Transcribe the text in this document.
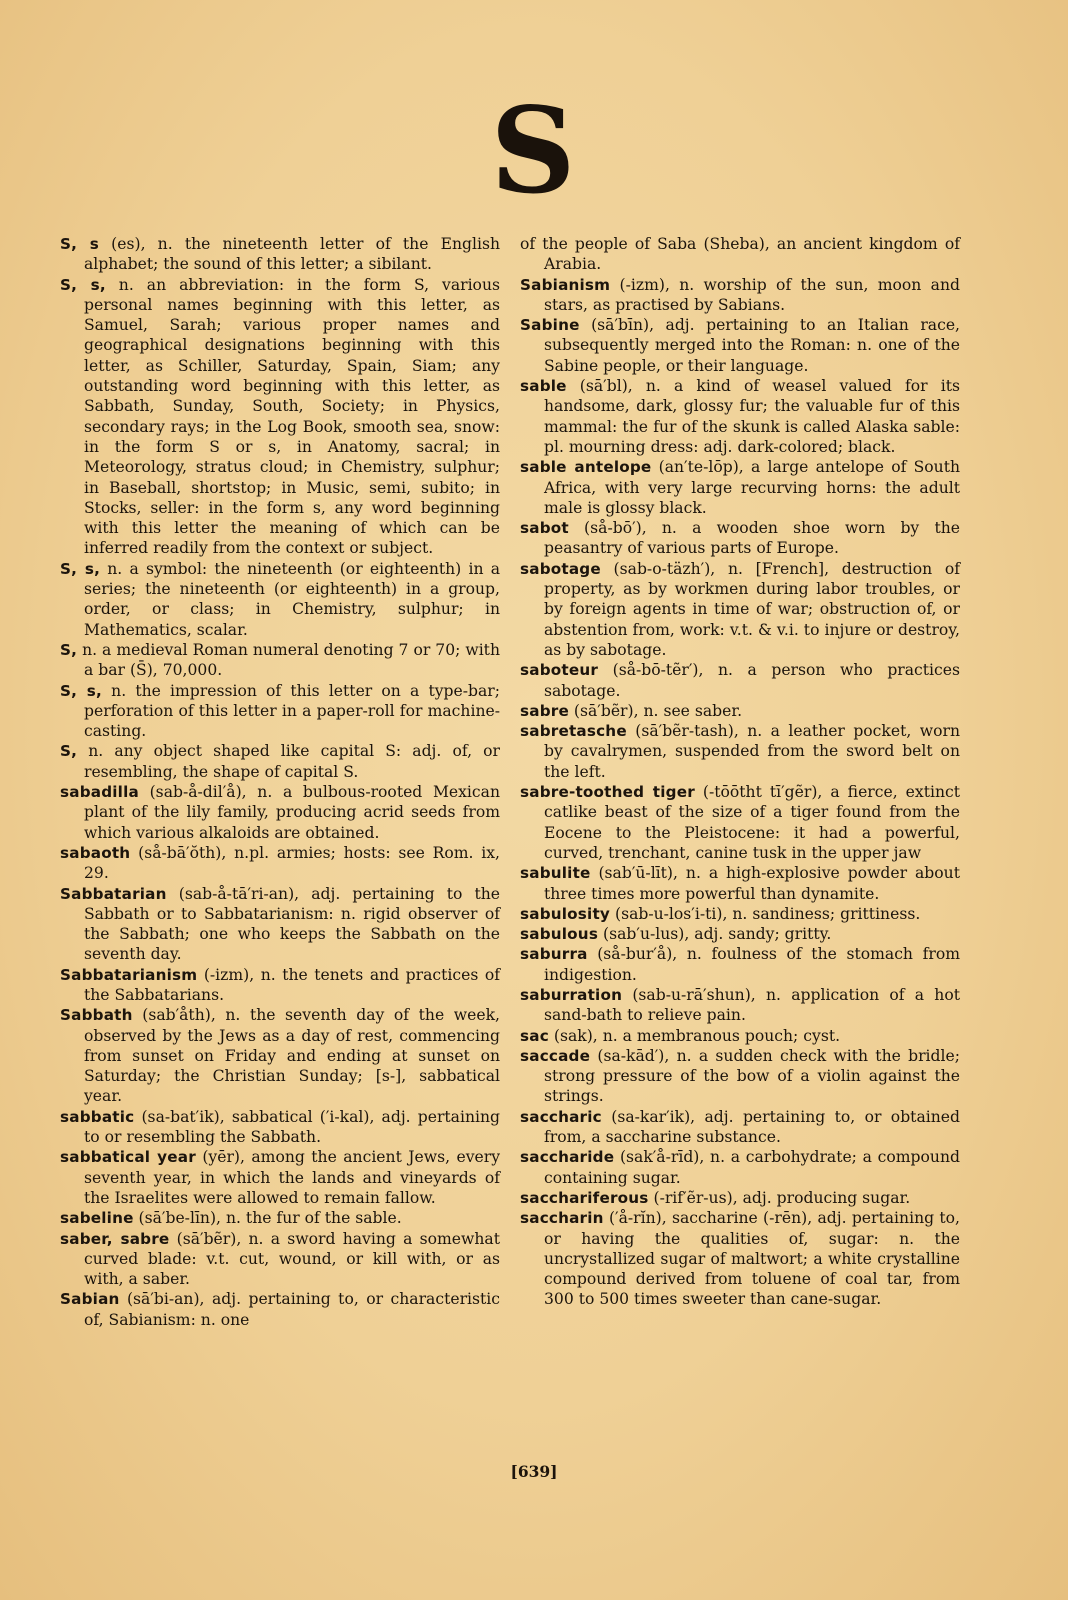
S
S, s (es), n. the nineteenth letter of the English alphabet; the sound of this letter; a sibilant.
S, s, n. an abbreviation: in the form S, various personal names beginning with this letter, as Samuel, Sarah; various proper names and geographical designations beginning with this letter, as Schiller, Saturday, Spain, Siam; any outstanding word beginning with this letter, as Sabbath, Sunday, South, Society; in Physics, secondary rays; in the Log Book, smooth sea, snow: in the form S or s, in Anatomy, sacral; in Meteorology, stratus cloud; in Chemistry, sulphur; in Baseball, shortstop; in Music, semi, subito; in Stocks, seller: in the form s, any word beginning with this letter the meaning of which can be inferred readily from the context or subject.
S, s, n. a symbol: the nineteenth (or eighteenth) in a series; the nineteenth (or eighteenth) in a group, order, or class; in Chemistry, sulphur; in Mathematics, scalar.
S, n. a medieval Roman numeral denoting 7 or 70; with a bar (S̄), 70,000.
S, s, n. the impression of this letter on a type-bar; perforation of this letter in a paper-roll for machine-casting.
S, n. any object shaped like capital S: adj. of, or resembling, the shape of capital S.
sabadilla (sab-å-dil′å), n. a bulbous-rooted Mexican plant of the lily family, producing acrid seeds from which various alkaloids are obtained.
sabaoth (så-bā′ŏth), n.pl. armies; hosts: see Rom. ix, 29.
Sabbatarian (sab-å-tā′ri-an), adj. pertaining to the Sabbath or to Sabbatarianism: n. rigid observer of the Sabbath; one who keeps the Sabbath on the seventh day.
Sabbatarianism (-izm), n. the tenets and practices of the Sabbatarians.
Sabbath (sab′åth), n. the seventh day of the week, observed by the Jews as a day of rest, commencing from sunset on Friday and ending at sunset on Saturday; the Christian Sunday; [s-], sabbatical year.
sabbatic (sa-bat′ik), sabbatical (′i-kal), adj. pertaining to or resembling the Sabbath.
sabbatical year (yēr), among the ancient Jews, every seventh year, in which the lands and vineyards of the Israelites were allowed to remain fallow.
sabeline (sā′be-līn), n. the fur of the sable.
saber, sabre (sā′bẽr), n. a sword having a somewhat curved blade: v.t. cut, wound, or kill with, or as with, a saber.
Sabian (sā′bi-an), adj. pertaining to, or characteristic of, Sabianism: n. one
of the people of Saba (Sheba), an ancient kingdom of Arabia.
Sabianism (-izm), n. worship of the sun, moon and stars, as practised by Sabians.
Sabine (sā′bīn), adj. pertaining to an Italian race, subsequently merged into the Roman: n. one of the Sabine people, or their language.
sable (sā′bl), n. a kind of weasel valued for its handsome, dark, glossy fur; the valuable fur of this mammal: the fur of the skunk is called Alaska sable: pl. mourning dress: adj. dark-colored; black.
sable antelope (an′te-lōp), a large antelope of South Africa, with very large recurving horns: the adult male is glossy black.
sabot (så-bō′), n. a wooden shoe worn by the peasantry of various parts of Europe.
sabotage (sab-o-täzh′), n. [French], destruction of property, as by workmen during labor troubles, or by foreign agents in time of war; obstruction of, or abstention from, work: v.t. & v.i. to injure or destroy, as by sabotage.
saboteur (så-bō-tẽr′), n. a person who practices sabotage.
sabre (sā′bẽr), n. see saber.
sabretasche (sā′bẽr-tash), n. a leather pocket, worn by cavalrymen, suspended from the sword belt on the left.
sabre-toothed tiger (-tōōtht tī′gẽr), a fierce, extinct catlike beast of the size of a tiger found from the Eocene to the Pleistocene: it had a powerful, curved, trenchant, canine tusk in the upper jaw
sabulite (sab′ū-līt), n. a high-explosive powder about three times more powerful than dynamite.
sabulosity (sab-u-los′i-ti), n. sandiness; grittiness.
sabulous (sab′u-lus), adj. sandy; gritty.
saburra (så-bur′å), n. foulness of the stomach from indigestion.
saburration (sab-u-rā′shun), n. application of a hot sand-bath to relieve pain.
sac (sak), n. a membranous pouch; cyst.
saccade (sa-kād′), n. a sudden check with the bridle; strong pressure of the bow of a violin against the strings.
saccharic (sa-kar′ik), adj. pertaining to, or obtained from, a saccharine substance.
saccharide (sak′å-rīd), n. a carbohydrate; a compound containing sugar.
sacchariferous (-rif′ẽr-us), adj. producing sugar.
saccharin (′å-rĭn), saccharine (-rēn), adj. pertaining to, or having the qualities of, sugar: n. the uncrystallized sugar of maltwort; a white crystalline compound derived from toluene of coal tar, from 300 to 500 times sweeter than cane-sugar.
[639]
